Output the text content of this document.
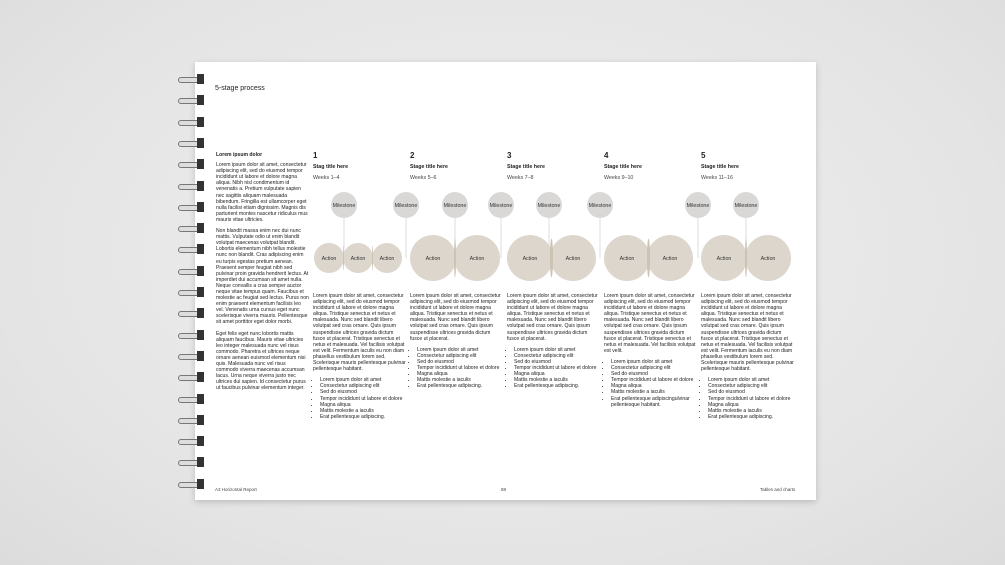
5-stage process
Lorem ipsum dolor

Lorem ipsum dolor sit amet, consectetur adipiscing elit, sed do eiusmod tempor incididunt ut labore et dolore magna aliqua. Nibh nisl condimentum id venenatis a. Pretium vulputate sapien nec sagittis aliquam malesuada bibendum. Fringilla est ullamcorper eget nulla facilisi etiam dignissim. Magnis dis parturient montes nascetur ridiculus mus mauris vitae ultricies.

Non blandit massa enim nec dui nunc mattis. Vulputate odio ut enim blandit volutpat maecenas volutpat blandit. Lobortis elementum nibh tellus molestie nunc non blandit. Cras adipiscing enim eu turpis egestas pretium aenean. Praesent semper feugiat nibh sed pulvinar proin gravida hendrerit lectus. At imperdiet dui accumsan sit amet nulla. Neque convallis a cras semper auctor neque vitae tempus quam. Faucibus et molestie ac feugiat sed lectus. Purus non enim praesent elementum facilisis leo vel. Venenatis urna cursus eget nunc scelerisque viverra mauris. Pellentesque sit amet porttitor eget dolor morbi.

Eget felis eget nunc lobortis mattis aliquam faucibus. Mauris vitae ultricies leo integer malesuada nunc vel risus commodo. Pharetra et ultrices neque ornare aenean euismod elementum nisi quis. Malesuada nunc vel risus commodo viverra maecenas accumsan lacus. Urna neque viverra justo nec ultrices dui sapien. Id consectetur purus ut faucibus pulvinar elementum integer.

1
Stag title here
Weeks 1–4

Lorem ipsum dolor sit amet, consectetur adipiscing elit, sed do eiusmod tempor incididunt ut labore et dolore magna aliqua. Tristique senectus et netus et malesuada. Nunc sed blandit libero volutpat sed cras ornare. Quis ipsum suspendisse ultrices gravida dictum fusce ut placerat. Tristique senectus et netus et malesuada. Vel facilisis volutpat est velit. Fermentum iaculis eu non diam phasellus vestibulum lorem sed. Scelerisque mauris pellentesque pulvinar pellentesque habitant.

• Lorem ipsum dolor sit amet
• Consectetur adipiscing elit
• Sed do eiusmod
• Tempor incididunt ut labore et dolore
• Magna aliqua
• Mattis molestie a iaculis
• Erat pellentesque adipiscing.
2
Stage title here
Weeks 5–6

Lorem ipsum dolor sit amet, consectetur adipiscing elit, sed do eiusmod tempor incididunt ut labore et dolore magna aliqua. Tristique senectus et netus et malesuada. Nunc sed blandit libero volutpat sed cras ornare. Quis ipsum suspendisse ultrices gravida dictum fusce ut placerat.

• Lorem ipsum dolor sit amet
• Consectetur adipiscing elit
• Sed do eiusmod
• Tempor incididunt ut labore et dolore
• Magna aliqua
• Mattis molestie a iaculis
• Erat pellentesque adipiscing.
3
Stage title here
Weeks 7–8

Lorem ipsum dolor sit amet, consectetur adipiscing elit, sed do eiusmod tempor incididunt ut labore et dolore magna aliqua. Tristique senectus et netus et malesuada. Nunc sed blandit libero volutpat sed cras ornare. Quis ipsum suspendisse ultrices gravida dictum fusce ut placerat.

• Lorem ipsum dolor sit amet
• Consectetur adipiscing elit
• Sed do eiusmod
• Tempor incididunt ut labore et dolore
• Magna aliqua
• Mattis molestie a iaculis
• Erat pellentesque adipiscing.
4
Stage title here
Weeks 9–10

Lorem ipsum dolor sit amet, consectetur adipiscing elit, sed do eiusmod tempor incididunt ut labore et dolore magna aliqua. Tristique senectus et netus et malesuada. Nunc sed blandit libero volutpat sed cras ornare. Quis ipsum suspendisse ultrices gravida dictum fusce ut placerat. Tristique senectus et netus et malesuada. Vel facilisis volutpat est velit.

• Lorem ipsum dolor sit amet
• Consectetur adipiscing elit
• Sed do eiusmod
• Tempor incididunt ut labore et dolore
• Magna aliqua
• Mattis molestie a iaculis
• Erat pellentesque adipiscingulvinar pellentesque habitant.
5
Stage title here
Weeks 11–16

Lorem ipsum dolor sit amet, consectetur adipiscing elit, sed do eiusmod tempor incididunt ut labore et dolore magna aliqua. Tristique senectus et netus et malesuada. Nunc sed blandit libero volutpat sed cras ornare. Quis ipsum suspendisse ultrices gravida dictum fusce ut placerat. Tristique senectus et netus et malesuada. Vel facilisis volutpat est velit. Fermentum iaculis eu non diam phasellus vestibulum lorem sed. Scelerisque mauris pellentesque pulvinar pellentesque habitant.

• Lorem ipsum dolor sit amet
• Consectetur adipiscing elit
• Sed do eiusmod
• Tempor incididunt ut labore et dolore
• Magna aliqua
• Mattis molestie a iaculis
• Erat pellentesque adipiscing.
Action	Action	Action	Action	Action	Action	Action	Action	Action	Action	Action
Milestone	Milestone	Milestone	Milestone	Milestone	Milestone	Milestone	Milestone
A3 Horizontal Report	88	Tables and charts
